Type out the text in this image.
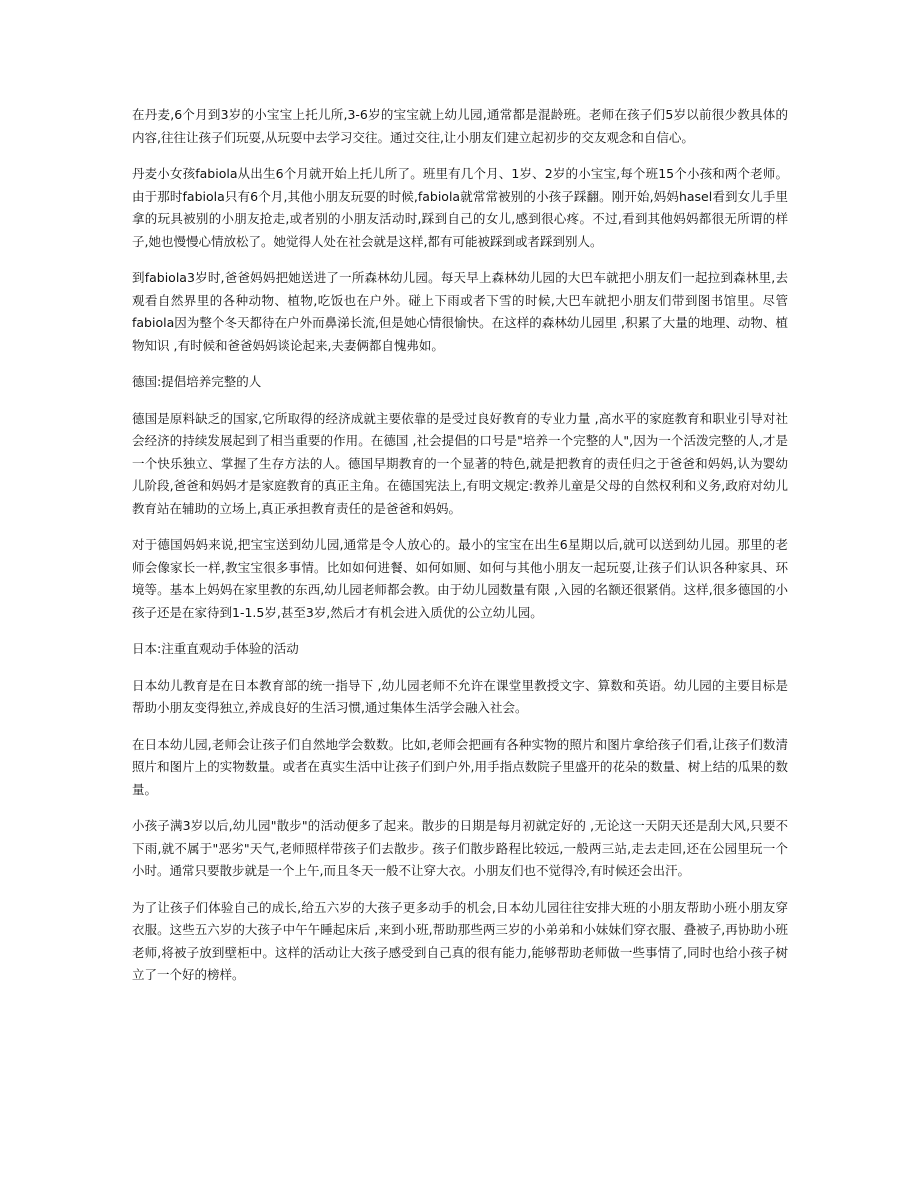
在丹麦,6个月到3岁的小宝宝上托儿所,3-6岁的宝宝就上幼儿园,通常都是混龄班。老师在孩子们5岁以前很少教具体的内容,往往让孩子们玩耍,从玩耍中去学习交往。通过交往,让小朋友们建立起初步的交友观念和自信心。

丹麦小女孩fabiola从出生6个月就开始上托儿所了。班里有几个月、1岁、2岁的小宝宝,每个班15个小孩和两个老师。由于那时fabiola只有6个月,其他小朋友玩耍的时候,fabiola就常常被别的小孩子踩翻。刚开始,妈妈hasel看到女儿手里拿的玩具被别的小朋友抢走,或者别的小朋友活动时,踩到自己的女儿,感到很心疼。不过,看到其他妈妈都很无所谓的样子,她也慢慢心情放松了。她觉得人处在社会就是这样,都有可能被踩到或者踩到别人。

到fabiola3岁时,爸爸妈妈把她送进了一所森林幼儿园。每天早上森林幼儿园的大巴车就把小朋友们一起拉到森林里,去观看自然界里的各种动物、植物,吃饭也在户外。碰上下雨或者下雪的时候,大巴车就把小朋友们带到图书馆里。尽管fabiola因为整个冬天都待在户外而鼻涕长流,但是她心情很愉快。在这样的森林幼儿园里 ,积累了大量的地理、动物、植物知识 ,有时候和爸爸妈妈谈论起来,夫妻俩都自愧弗如。

德国:提倡培养完整的人

德国是原料缺乏的国家,它所取得的经济成就主要依靠的是受过良好教育的专业力量 ,高水平的家庭教育和职业引导对社会经济的持续发展起到了相当重要的作用。在德国 ,社会提倡的口号是"培养一个完整的人",因为一个活泼完整的人,才是一个快乐独立、掌握了生存方法的人。德国早期教育的一个显著的特色,就是把教育的责任归之于爸爸和妈妈,认为婴幼儿阶段,爸爸和妈妈才是家庭教育的真正主角。在德国宪法上,有明文规定:教养儿童是父母的自然权利和义务,政府对幼儿教育站在辅助的立场上,真正承担教育责任的是爸爸和妈妈。

对于德国妈妈来说,把宝宝送到幼儿园,通常是令人放心的。最小的宝宝在出生6星期以后,就可以送到幼儿园。那里的老师会像家长一样,教宝宝很多事情。比如如何进餐、如何如厕、如何与其他小朋友一起玩耍,让孩子们认识各种家具、环境等。基本上妈妈在家里教的东西,幼儿园老师都会教。由于幼儿园数量有限 ,入园的名额还很紧俏。这样,很多德国的小孩子还是在家待到1-1.5岁,甚至3岁,然后才有机会进入质优的公立幼儿园。

日本:注重直观动手体验的活动

日本幼儿教育是在日本教育部的统一指导下 ,幼儿园老师不允许在课堂里教授文字、算数和英语。幼儿园的主要目标是帮助小朋友变得独立,养成良好的生活习惯,通过集体生活学会融入社会。

在日本幼儿园,老师会让孩子们自然地学会数数。比如,老师会把画有各种实物的照片和图片拿给孩子们看,让孩子们数清照片和图片上的实物数量。或者在真实生活中让孩子们到户外,用手指点数院子里盛开的花朵的数量、树上结的瓜果的数量。

小孩子满3岁以后,幼儿园"散步"的活动便多了起来。散步的日期是每月初就定好的 ,无论这一天阴天还是刮大风,只要不下雨,就不属于"恶劣"天气,老师照样带孩子们去散步。孩子们散步路程比较远,一般两三站,走去走回,还在公园里玩一个小时。通常只要散步就是一个上午,而且冬天一般不让穿大衣。小朋友们也不觉得冷,有时候还会出汗。

为了让孩子们体验自己的成长,给五六岁的大孩子更多动手的机会,日本幼儿园往往安排大班的小朋友帮助小班小朋友穿衣服。这些五六岁的大孩子中午午睡起床后 ,来到小班,帮助那些两三岁的小弟弟和小妹妹们穿衣服、叠被子,再协助小班老师,将被子放到壁柜中。这样的活动让大孩子感受到自己真的很有能力,能够帮助老师做一些事情了,同时也给小孩子树立了一个好的榜样。
